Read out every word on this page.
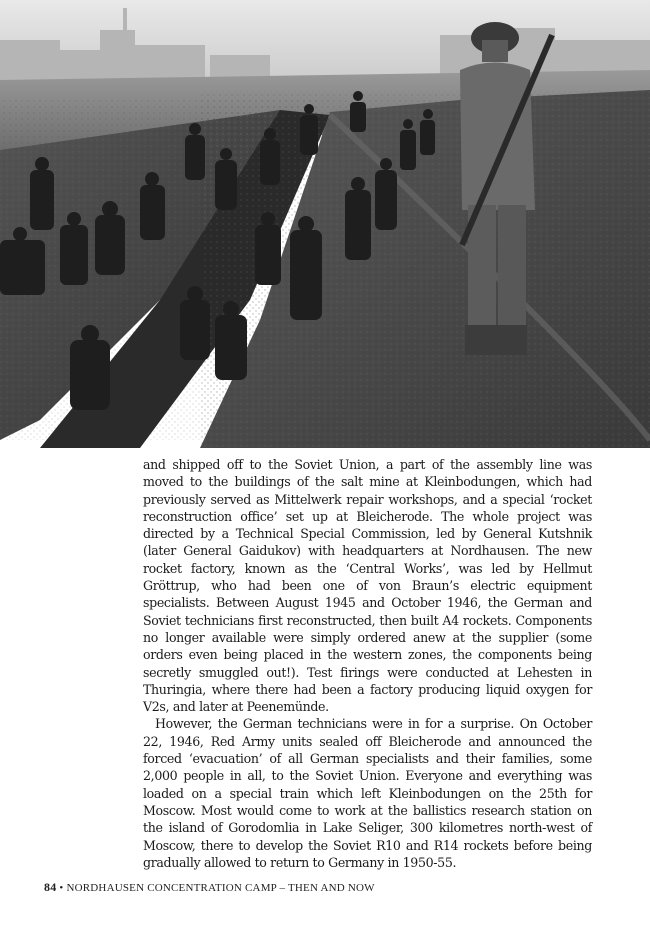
and shipped off to the Soviet Union, a part of the assembly line was moved to the buildings of the salt mine at Kleinbodungen, which had previously served as Mittelwerk repair workshops, and a special ‘rocket reconstruction office’ set up at Bleicherode. The whole project was directed by a Technical Special Commission, led by General Kutshnik (later General Gaidukov) with headquarters at Nordhausen. The new rocket factory, known as the ‘Central Works’, was led by Hellmut Gröttrup, who had been one of von Braun’s electric equipment specialists. Between August 1945 and October 1946, the German and Soviet technicians first reconstructed, then built A4 rockets. Components no longer available were simply ordered anew at the supplier (some orders even being placed in the western zones, the components being secretly smuggled out!). Test firings were conducted at Lehesten in Thuringia, where there had been a factory producing liquid oxygen for V2s, and later at Peenemünde.

However, the German technicians were in for a surprise. On October 22, 1946, Red Army units sealed off Bleicherode and announced the forced ‘evacuation’ of all German specialists and their families, some 2,000 people in all, to the Soviet Union. Everyone and everything was loaded on a special train which left Kleinbodungen on the 25th for Moscow. Most would come to work at the ballistics research station on the island of Gorodomlia in Lake Seliger, 300 kilometres north-west of Moscow, there to develop the Soviet R10 and R14 rockets before being gradually allowed to return to Germany in 1950-55.

84 • NORDHAUSEN CONCENTRATION CAMP – THEN AND NOW
